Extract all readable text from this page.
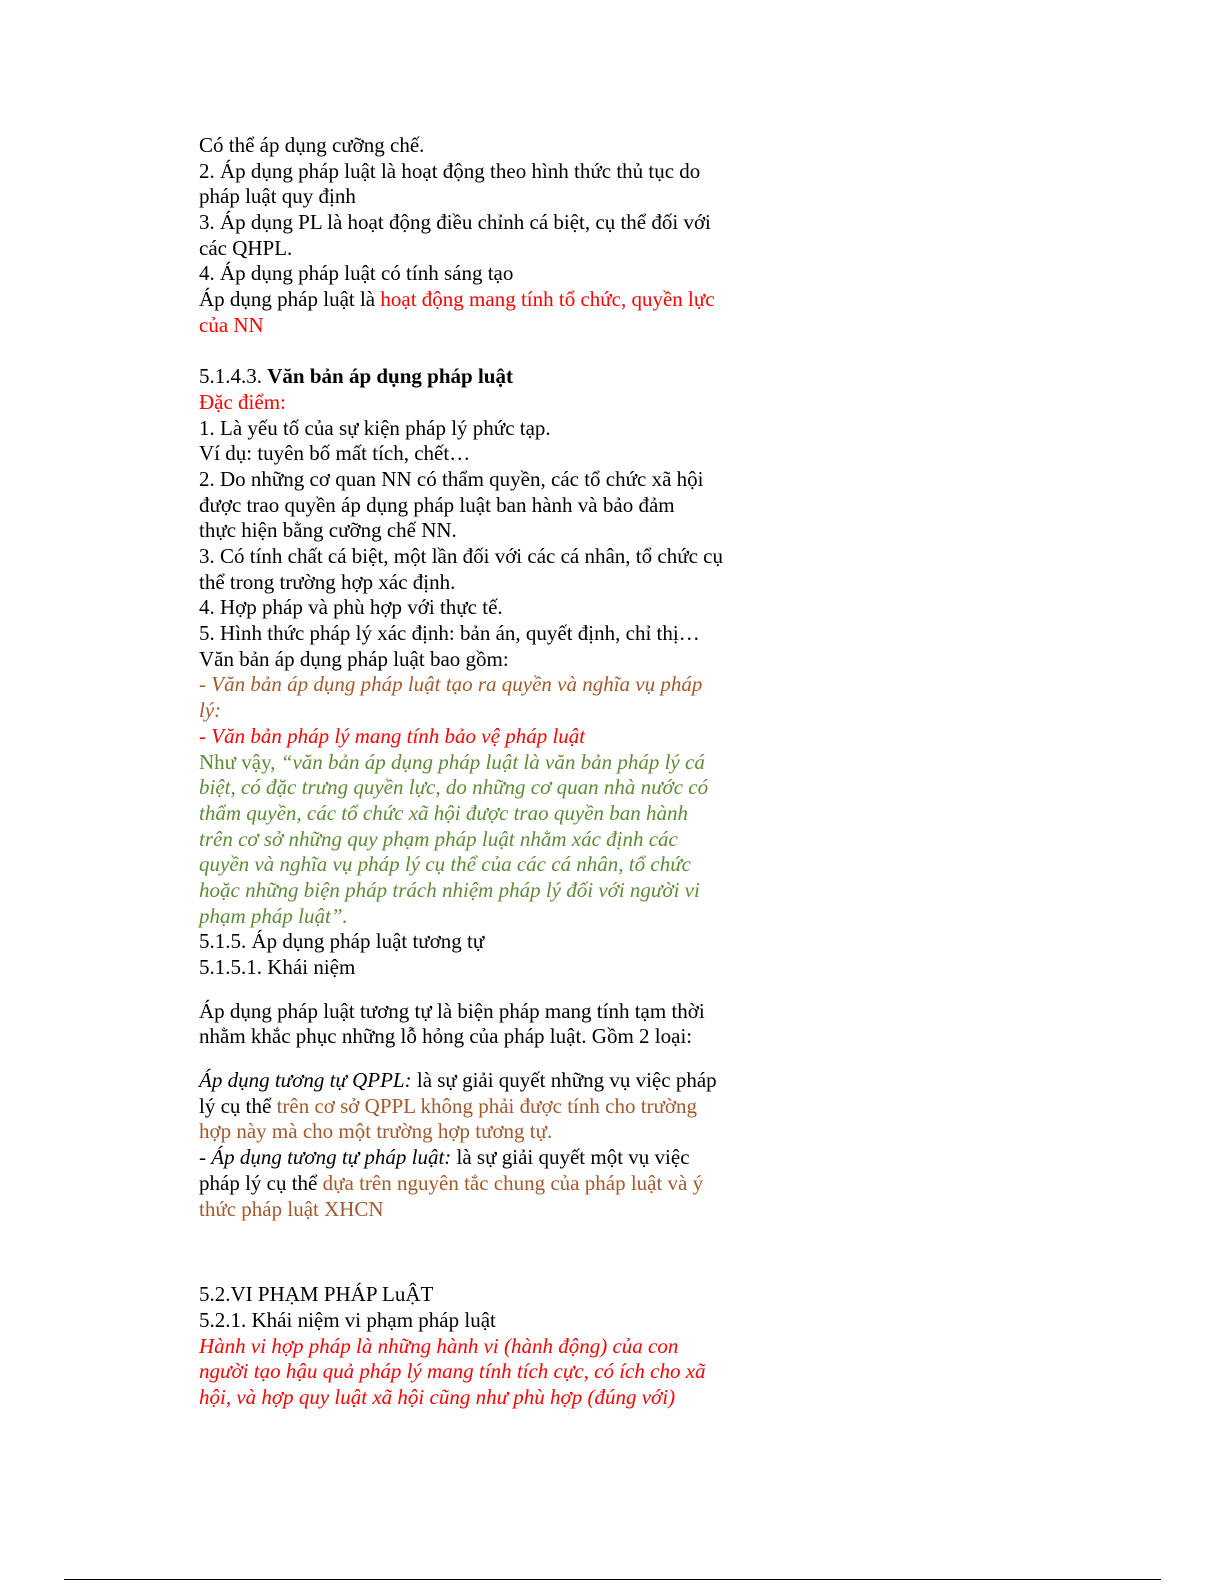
Có thể áp dụng cưỡng chế.
2. Áp dụng pháp luật là hoạt động theo hình thức thủ tục do
pháp luật quy định
3. Áp dụng PL là hoạt động điều chỉnh cá biệt, cụ thể đối với
các QHPL.
4. Áp dụng pháp luật có tính sáng tạo
Áp dụng pháp luật là hoạt động mang tính tổ chức, quyền lực
của NN
5.1.4.3. Văn bản áp dụng pháp luật
Đặc điểm:
1. Là yếu tố của sự kiện pháp lý phức tạp.
Ví dụ: tuyên bố mất tích, chết…
2. Do những cơ quan NN có thẩm quyền, các tổ chức xã hội
được trao quyền áp dụng pháp luật ban hành và bảo đảm
thực hiện bằng cưỡng chế NN.
3. Có tính chất cá biệt, một lần đối với các cá nhân, tổ chức cụ
thể trong trường hợp xác định.
4. Hợp pháp và phù hợp với thực tế.
5. Hình thức pháp lý xác định: bản án, quyết định, chỉ thị…
Văn bản áp dụng pháp luật bao gồm:
- Văn bản áp dụng pháp luật tạo ra quyền và nghĩa vụ pháp
lý:
- Văn bản pháp lý mang tính bảo vệ pháp luật
Như vậy, “văn bản áp dụng pháp luật là văn bản pháp lý cá
biệt, có đặc trưng quyền lực, do những cơ quan nhà nước có
thẩm quyền, các tổ chức xã hội được trao quyền ban hành
trên cơ sở những quy phạm pháp luật nhằm xác định các
quyền và nghĩa vụ pháp lý cụ thể của các cá nhân, tổ chức
hoặc những biện pháp trách nhiệm pháp lý đối với người vi
phạm pháp luật”.
5.1.5. Áp dụng pháp luật tương tự
5.1.5.1. Khái niệm
Áp dụng pháp luật tương tự là biện pháp mang tính tạm thời
nhằm khắc phục những lỗ hỏng của pháp luật. Gồm 2 loại:
Áp dụng tương tự QPPL: là sự giải quyết những vụ việc pháp
lý cụ thể trên cơ sở QPPL không phải được tính cho trường
hợp này mà cho một trường hợp tương tự.
- Áp dụng tương tự pháp luật: là sự giải quyết một vụ việc
pháp lý cụ thể dựa trên nguyên tắc chung của pháp luật và ý
thức pháp luật XHCN
5.2.VI PHẠM PHÁP LuẬT
5.2.1. Khái niệm vi phạm pháp luật
Hành vi hợp pháp là những hành vi (hành động) của con
người tạo hậu quả pháp lý mang tính tích cực, có ích cho xã
hội, và hợp quy luật xã hội cũng như phù hợp (đúng với)
